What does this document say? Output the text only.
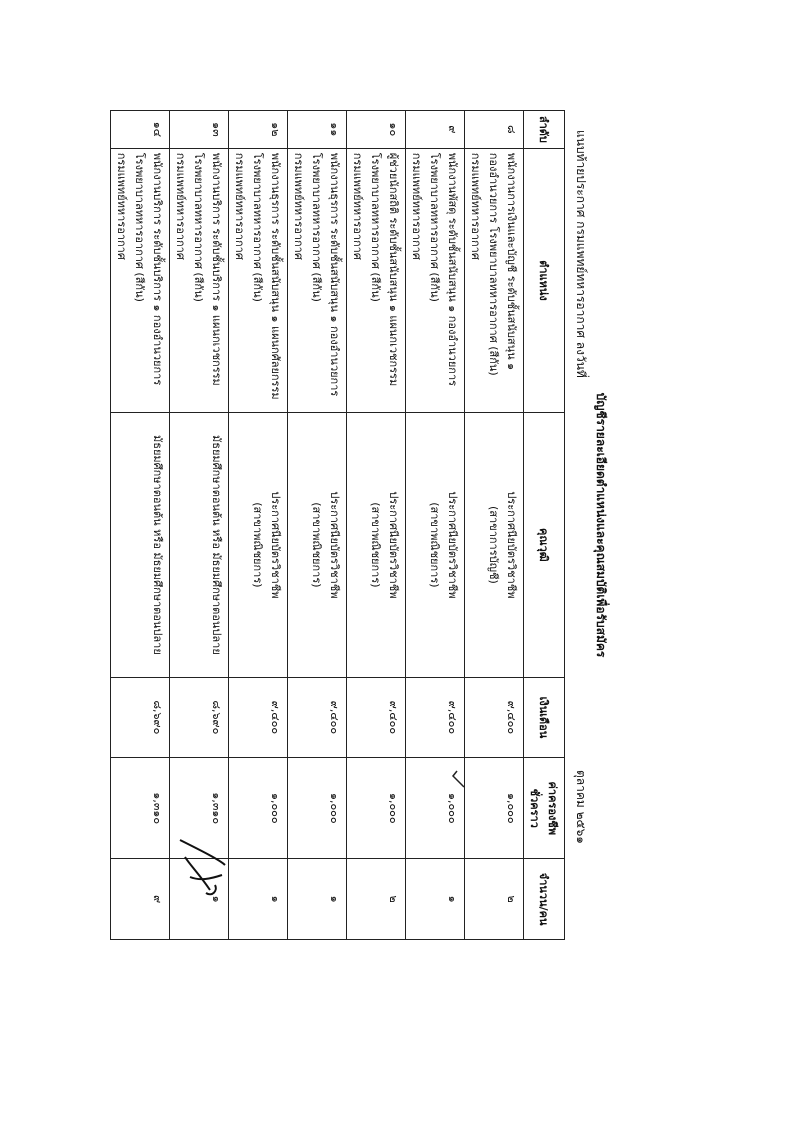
บัญชีรายละเอียดตำแหน่งและคุณสมบัติเพื่อรับสมัคร
แนบท้ายประกาศ กรมแพทย์ทหารอากาศ ลงวันที่
ตุลาคม ๒๕๖๑
ลำดับ	ตำแหน่ง	คุณวุฒิ	เงินเดือน	ค่าครองชีพชั่วคราว	จำนวน/คน

๘	พนักงานการเงินและบัญชี ระดับชั้นสนับสนุน ๑
กองอำนวยการ โรงพยาบาลทหารอากาศ (สีกัน)
กรมแพทย์ทหารอากาศ	ประกาศนียบัตรวิชาชีพ
(สาขาการบัญชี)	๙,๔๐๐	๑,๐๐๐	๒

๙	พนักงานพัสดุ ระดับชั้นสนับสนุน ๑ กองอำนวยการ
โรงพยาบาลทหารอากาศ (สีกัน)
กรมแพทย์ทหารอากาศ	ประกาศนียบัตรวิชาชีพ
(สาขาพณิชยการ)	๙,๔๐๐	๑,๐๐๐	๑

๑๐	ผู้ช่วยนักสถิติ ระดับชั้นสนับสนุน ๑ แผนกเวชกรรม
โรงพยาบาลทหารอากาศ (สีกัน)
กรมแพทย์ทหารอากาศ	ประกาศนียบัตรวิชาชีพ
(สาขาพณิชยการ)	๙,๔๐๐	๑,๐๐๐	๒

๑๑	พนักงานธุรการ ระดับชั้นสนับสนุน ๑ กองอำนวยการ
โรงพยาบาลทหารอากาศ (สีกัน)
กรมแพทย์ทหารอากาศ	ประกาศนียบัตรวิชาชีพ
(สาขาพณิชยการ)	๙,๔๐๐	๑,๐๐๐	๑

๑๒	พนักงานธุรการ ระดับชั้นสนับสนุน ๑ แผนกศัลยกรรม
โรงพยาบาลทหารอากาศ (สีกัน)
กรมแพทย์ทหารอากาศ	ประกาศนียบัตรวิชาชีพ
(สาขาพณิชยการ)	๙,๔๐๐	๑,๐๐๐	๑

๑๓	พนักงานบริการ ระดับชั้นบริการ ๑ แผนกเวชกรรม
โรงพยาบาลทหารอากาศ (สีกัน)
กรมแพทย์ทหารอากาศ	มัธยมศึกษาตอนต้น หรือ มัธยมศึกษาตอนปลาย	๘,๖๙๐	๑,๓๑๐	๑

๑๔	พนักงานบริการ ระดับชั้นบริการ ๑ กองอำนวยการ
โรงพยาบาลทหารอากาศ (สีกัน)
กรมแพทย์ทหารอากาศ	มัธยมศึกษาตอนต้น หรือ มัธยมศึกษาตอนปลาย	๘,๖๙๐	๑,๓๑๐	๙
